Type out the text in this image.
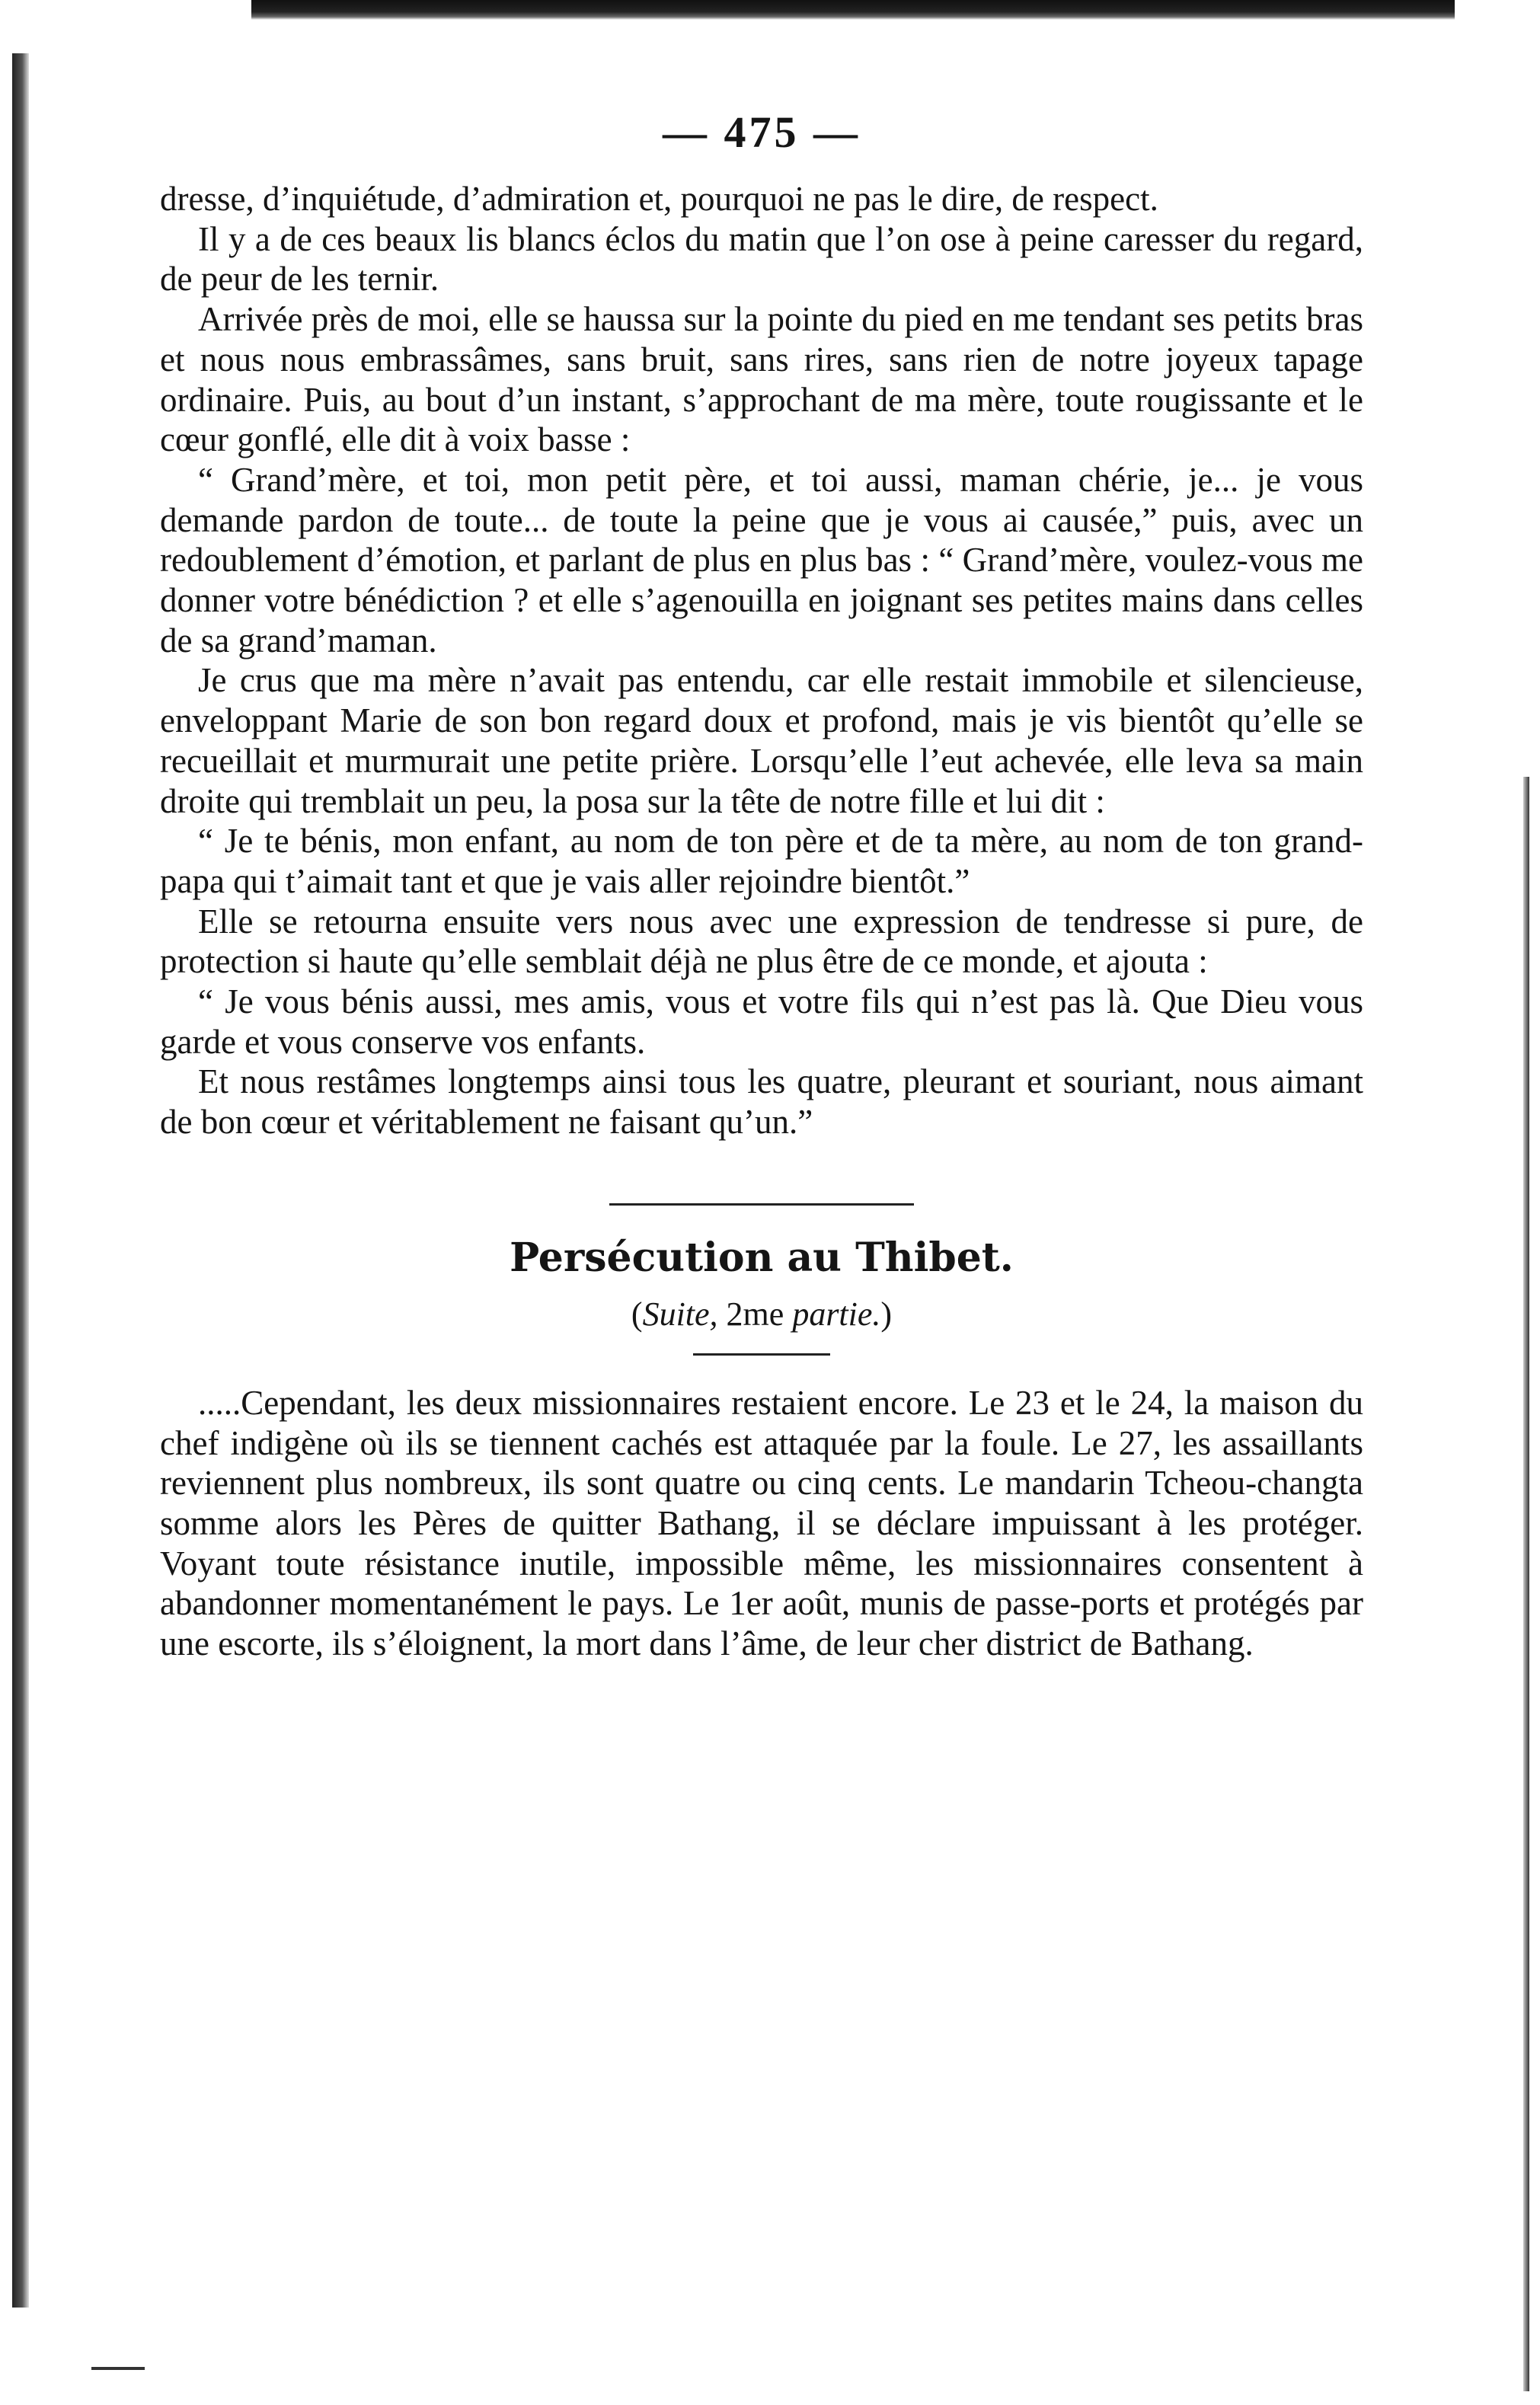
— 475 —

dresse, d’inquiétude, d’admiration et, pourquoi ne pas le dire, de respect.

Il y a de ces beaux lis blancs éclos du matin que l’on ose à peine caresser du regard, de peur de les ternir.

Arrivée près de moi, elle se haussa sur la pointe du pied en me tendant ses petits bras et nous nous embrassâmes, sans bruit, sans rires, sans rien de notre joyeux tapage ordinaire. Puis, au bout d’un instant, s’approchant de ma mère, toute rougissante et le cœur gonflé, elle dit à voix basse :

“ Grand’mère, et toi, mon petit père, et toi aussi, maman chérie, je... je vous demande pardon de toute... de toute la peine que je vous ai causée,” puis, avec un redoublement d’émotion, et parlant de plus en plus bas : “ Grand’mère, voulez-vous me donner votre bénédiction ? et elle s’agenouilla en joignant ses petites mains dans celles de sa grand’maman.

Je crus que ma mère n’avait pas entendu, car elle restait immobile et silencieuse, enveloppant Marie de son bon regard doux et profond, mais je vis bientôt qu’elle se recueillait et murmurait une petite prière. Lorsqu’elle l’eut achevée, elle leva sa main droite qui tremblait un peu, la posa sur la tête de notre fille et lui dit :

“ Je te bénis, mon enfant, au nom de ton père et de ta mère, au nom de ton grand-papa qui t’aimait tant et que je vais aller rejoindre bientôt.”

Elle se retourna ensuite vers nous avec une expression de tendresse si pure, de protection si haute qu’elle semblait déjà ne plus être de ce monde, et ajouta :

“ Je vous bénis aussi, mes amis, vous et votre fils qui n’est pas là. Que Dieu vous garde et vous conserve vos enfants.

Et nous restâmes longtemps ainsi tous les quatre, pleurant et souriant, nous aimant de bon cœur et véritablement ne faisant qu’un.”

Persécution au Thibet.
(Suite, 2me partie.)

.....Cependant, les deux missionnaires restaient encore. Le 23 et le 24, la maison du chef indigène où ils se tiennent cachés est attaquée par la foule. Le 27, les assaillants reviennent plus nombreux, ils sont quatre ou cinq cents. Le mandarin Tcheou-changta somme alors les Pères de quitter Bathang, il se déclare impuissant à les protéger. Voyant toute résistance inutile, impossible même, les missionnaires consentent à abandonner momentanément le pays. Le 1er août, munis de passe-ports et protégés par une escorte, ils s’éloignent, la mort dans l’âme, de leur cher district de Bathang.
